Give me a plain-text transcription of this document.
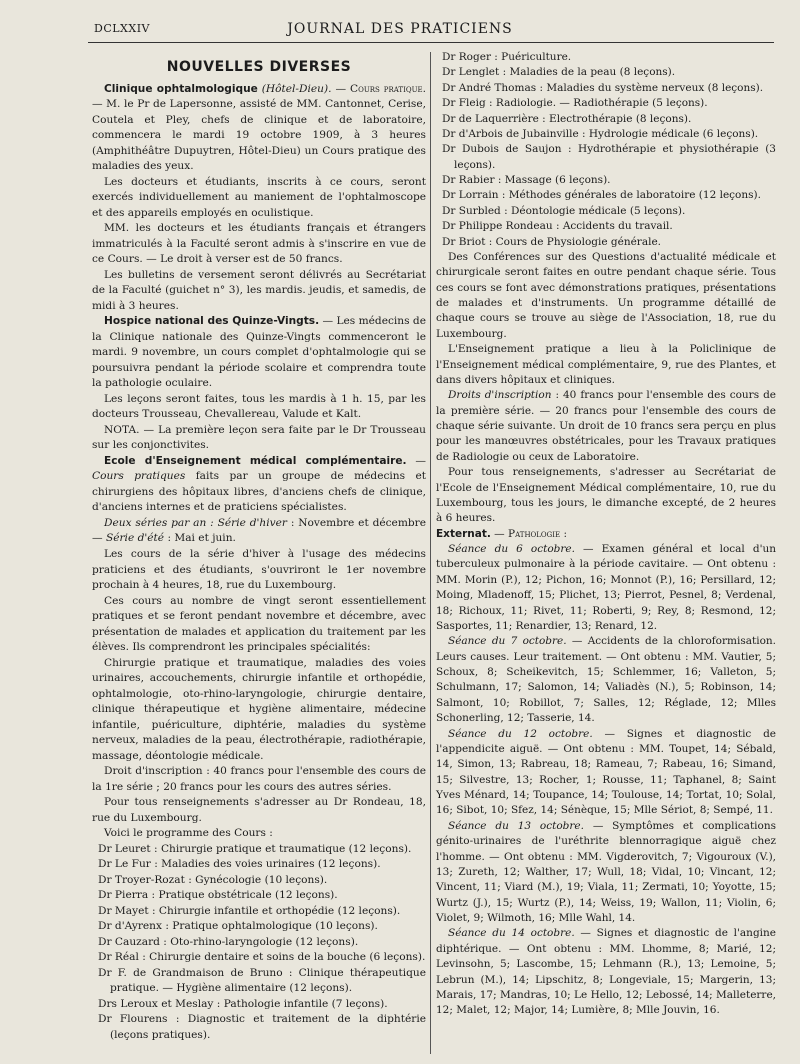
DCLXXIV	JOURNAL DES PRATICIENS
NOUVELLES DIVERSES

Clinique ophtalmologique (Hôtel-Dieu). — Cours pratique. — M. le Pr de Lapersonne, assisté de MM. Cantonnet, Cerise, Coutela et Pley, chefs de clinique et de laboratoire, commencera le mardi 19 octobre 1909, à 3 heures (Amphithéâtre Dupuytren, Hôtel-Dieu) un Cours pratique des maladies des yeux.

Les docteurs et étudiants, inscrits à ce cours, seront exercés individuellement au maniement de l'ophtalmoscope et des appareils employés en oculistique.

MM. les docteurs et les étudiants français et étrangers immatriculés à la Faculté seront admis à s'inscrire en vue de ce Cours. — Le droit à verser est de 50 francs.

Les bulletins de versement seront délivrés au Secrétariat de la Faculté (guichet n° 3), les mardis. jeudis, et samedis, de midi à 3 heures.

Hospice national des Quinze-Vingts. — Les médecins de la Clinique nationale des Quinze-Vingts commenceront le mardi. 9 novembre, un cours complet d'ophtalmologie qui se poursuivra pendant la période scolaire et comprendra toute la pathologie oculaire.

Les leçons seront faites, tous les mardis à 1 h. 15, par les docteurs Trousseau, Chevallereau, Valude et Kalt.

NOTA. — La première leçon sera faite par le Dr Trousseau sur les conjonctivites.

Ecole d'Enseignement médical complémentaire. — Cours pratiques faits par un groupe de médecins et chirurgiens des hôpitaux libres, d'anciens chefs de clinique, d'anciens internes et de praticiens spécialistes.

Deux séries par an : Série d'hiver : Novembre et décembre — Série d'été : Mai et juin.

Les cours de la série d'hiver à l'usage des médecins praticiens et des étudiants, s'ouvriront le 1er novembre prochain à 4 heures, 18, rue du Luxembourg.

Ces cours au nombre de vingt seront essentiellement pratiques et se feront pendant novembre et décembre, avec présentation de malades et application du traitement par les élèves. Ils comprendront les principales spécialités:

Chirurgie pratique et traumatique, maladies des voies urinaires, accouchements, chirurgie infantile et orthopédie, ophtalmologie, oto-rhino-laryngologie, chirurgie dentaire, clinique thérapeutique et hygiène alimentaire, médecine infantile, puériculture, diphtérie, maladies du système nerveux, maladies de la peau, électrothérapie, radiothérapie, massage, déontologie médicale.

Droit d'inscription : 40 francs pour l'ensemble des cours de la 1re série ; 20 francs pour les cours des autres séries.

Pour tous renseignements s'adresser au Dr Rondeau, 18, rue du Luxembourg.

Voici le programme des Cours :

Dr Leuret : Chirurgie pratique et traumatique (12 leçons).

Dr Le Fur : Maladies des voies urinaires (12 leçons).

Dr Troyer-Rozat : Gynécologie (10 leçons).

Dr Pierra : Pratique obstétricale (12 leçons).

Dr Mayet : Chirurgie infantile et orthopédie (12 leçons).

Dr d'Ayrenx : Pratique ophtalmologique (10 leçons).

Dr Cauzard : Oto-rhino-laryngologie (12 leçons).

Dr Réal : Chirurgie dentaire et soins de la bouche (6 leçons).

Dr F. de Grandmaison de Bruno : Clinique thérapeutique pratique. — Hygiène alimentaire (12 leçons).

Drs Leroux et Meslay : Pathologie infantile (7 leçons).

Dr Flourens : Diagnostic et traitement de la diphtérie (leçons pratiques).

Dr Roger : Puériculture.

Dr Lenglet : Maladies de la peau (8 leçons).

Dr André Thomas : Maladies du système nerveux (8 leçons).

Dr Fleig : Radiologie. — Radiothérapie (5 leçons).

Dr de Laquerrière : Electrothérapie (8 leçons).

Dr d'Arbois de Jubainville : Hydrologie médicale (6 leçons).

Dr Dubois de Saujon : Hydrothérapie et physiothérapie (3 leçons).

Dr Rabier : Massage (6 leçons).

Dr Lorrain : Méthodes générales de laboratoire (12 leçons).

Dr Surbled : Déontologie médicale (5 leçons).

Dr Philippe Rondeau : Accidents du travail.

Dr Briot : Cours de Physiologie générale.

Des Conférences sur des Questions d'actualité médicale et chirurgicale seront faites en outre pendant chaque série. Tous ces cours se font avec démonstrations pratiques, présentations de malades et d'instruments. Un programme détaillé de chaque cours se trouve au siège de l'Association, 18, rue du Luxembourg.

L'Enseignement pratique a lieu à la Policlinique de l'Enseignement médical complémentaire, 9, rue des Plantes, et dans divers hôpitaux et cliniques.

Droits d'inscription : 40 francs pour l'ensemble des cours de la première série. — 20 francs pour l'ensemble des cours de chaque série suivante. Un droit de 10 francs sera perçu en plus pour les manœuvres obstétricales, pour les Travaux pratiques de Radiologie ou ceux de Laboratoire.

Pour tous renseignements, s'adresser au Secrétariat de l'Ecole de l'Enseignement Médical complémentaire, 10, rue du Luxembourg, tous les jours, le dimanche excepté, de 2 heures à 6 heures.

Externat. — Pathologie :

Séance du 6 octobre. — Examen général et local d'un tuberculeux pulmonaire à la période cavitaire. — Ont obtenu : MM. Morin (P.), 12; Pichon, 16; Monnot (P.), 16; Persillard, 12; Moing, Mladenoff, 15; Plichet, 13; Pierrot, Pesnel, 8; Verdenal, 18; Richoux, 11; Rivet, 11; Roberti, 9; Rey, 8; Resmond, 12; Sasportes, 11; Renardier, 13; Renard, 12.

Séance du 7 octobre. — Accidents de la chloroformisation. Leurs causes. Leur traitement. — Ont obtenu : MM. Vautier, 5; Schoux, 8; Scheikevitch, 15; Schlemmer, 16; Valleton, 5; Schulmann, 17; Salomon, 14; Valiadès (N.), 5; Robinson, 14; Salmont, 10; Robillot, 7; Salles, 12; Réglade, 12; Mlles Schonerling, 12; Tasserie, 14.

Séance du 12 octobre. — Signes et diagnostic de l'appendicite aiguë. — Ont obtenu : MM. Toupet, 14; Sébald, 14, Simon, 13; Rabreau, 18; Rameau, 7; Rabeau, 16; Simand, 15; Silvestre, 13; Rocher, 1; Rousse, 11; Taphanel, 8; Saint Yves Ménard, 14; Toupance, 14; Toulouse, 14; Tortat, 10; Solal, 16; Sibot, 10; Sfez, 14; Sénèque, 15; Mlle Sériot, 8; Sempé, 11.

Séance du 13 octobre. — Symptômes et complications génito-urinaires de l'uréthrite blennorragique aiguë chez l'homme. — Ont obtenu : MM. Vigderovitch, 7; Vigouroux (V.), 13; Zureth, 12; Walther, 17; Wull, 18; Vidal, 10; Vincant, 12; Vincent, 11; Viard (M.), 19; Viala, 11; Zermati, 10; Yoyotte, 15; Wurtz (J.), 15; Wurtz (P.), 14; Weiss, 19; Wallon, 11; Violin, 6; Violet, 9; Wilmoth, 16; Mlle Wahl, 14.

Séance du 14 octobre. — Signes et diagnostic de l'angine diphtérique. — Ont obtenu : MM. Lhomme, 8; Marié, 12; Levinsohn, 5; Lascombe, 15; Lehmann (R.), 13; Lemoine, 5; Lebrun (M.), 14; Lipschitz, 8; Longeviale, 15; Margerin, 13; Marais, 17; Mandras, 10; Le Hello, 12; Lebossé, 14; Malleterre, 12; Malet, 12; Major, 14; Lumière, 8; Mlle Jouvin, 16.
